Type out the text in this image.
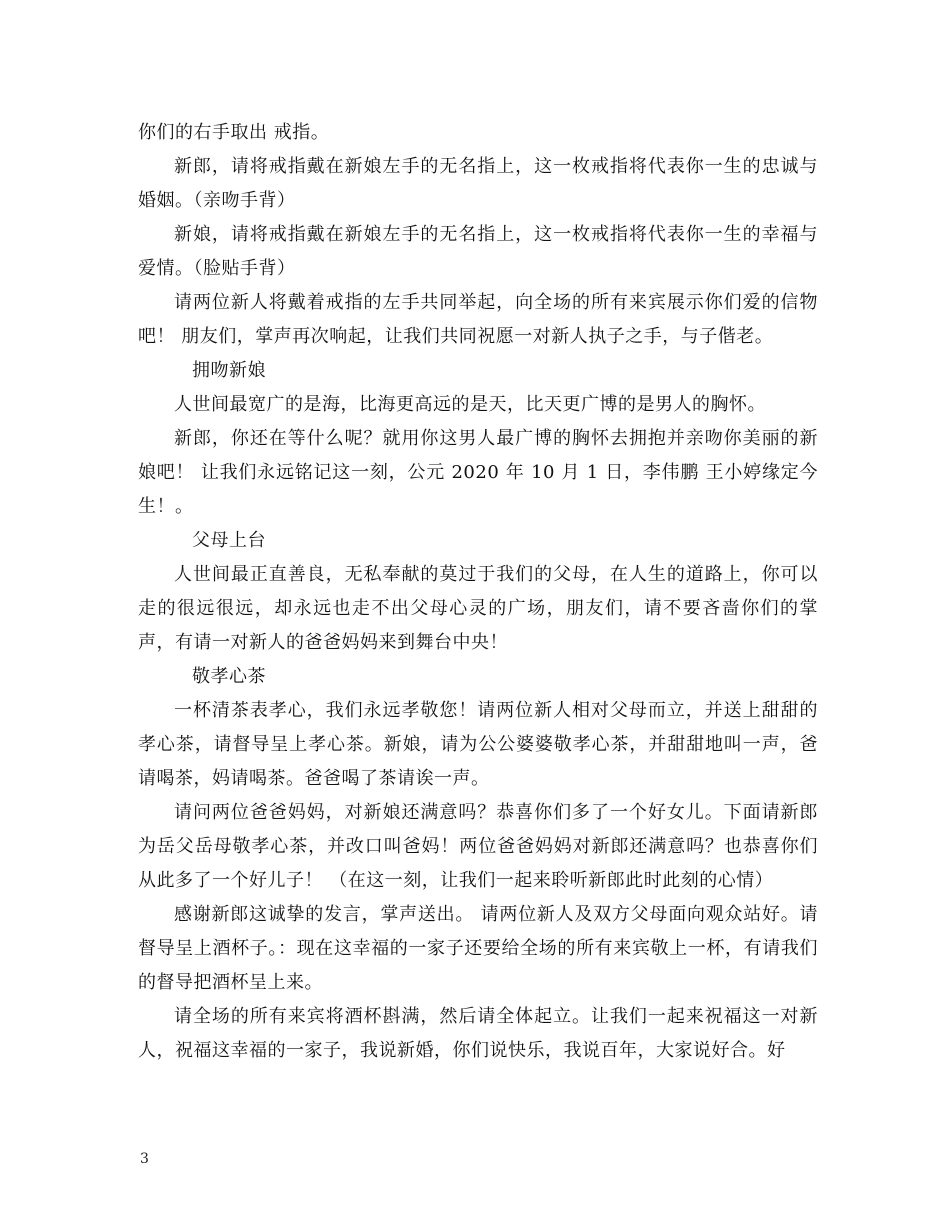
你们的右手取出 戒指。

新郎，请将戒指戴在新娘左手的无名指上，这一枚戒指将代表你一生的忠诚与婚姻。（亲吻手背）

新娘，请将戒指戴在新娘左手的无名指上，这一枚戒指将代表你一生的幸福与爱情。（脸贴手背）

请两位新人将戴着戒指的左手共同举起，向全场的所有来宾展示你们爱的信物吧！ 朋友们，掌声再次响起，让我们共同祝愿一对新人执子之手，与子偕老。

拥吻新娘

人世间最宽广的是海，比海更高远的是天，比天更广博的是男人的胸怀。

新郎，你还在等什么呢？就用你这男人最广博的胸怀去拥抱并亲吻你美丽的新娘吧！ 让我们永远铭记这一刻，公元 2020 年 10 月 1 日，李伟鹏 王小婷缘定今生！。

父母上台

人世间最正直善良，无私奉献的莫过于我们的父母，在人生的道路上，你可以走的很远很远，却永远也走不出父母心灵的广场，朋友们，请不要吝啬你们的掌声，有请一对新人的爸爸妈妈来到舞台中央！

敬孝心茶

一杯清茶表孝心，我们永远孝敬您！请两位新人相对父母而立，并送上甜甜的孝心茶，请督导呈上孝心茶。新娘，请为公公婆婆敬孝心茶，并甜甜地叫一声，爸请喝茶，妈请喝茶。爸爸喝了茶请诶一声。

请问两位爸爸妈妈，对新娘还满意吗？恭喜你们多了一个好女儿。下面请新郎为岳父岳母敬孝心茶，并改口叫爸妈！两位爸爸妈妈对新郎还满意吗？也恭喜你们从此多了一个好儿子！ （在这一刻，让我们一起来聆听新郎此时此刻的心情）

感谢新郎这诚挚的发言，掌声送出。 请两位新人及双方父母面向观众站好。请督导呈上酒杯子。：现在这幸福的一家子还要给全场的所有来宾敬上一杯，有请我们的督导把酒杯呈上来。

请全场的所有来宾将酒杯斟满，然后请全体起立。让我们一起来祝福这一对新人，祝福这幸福的一家子，我说新婚，你们说快乐，我说百年，大家说好合。好

3
